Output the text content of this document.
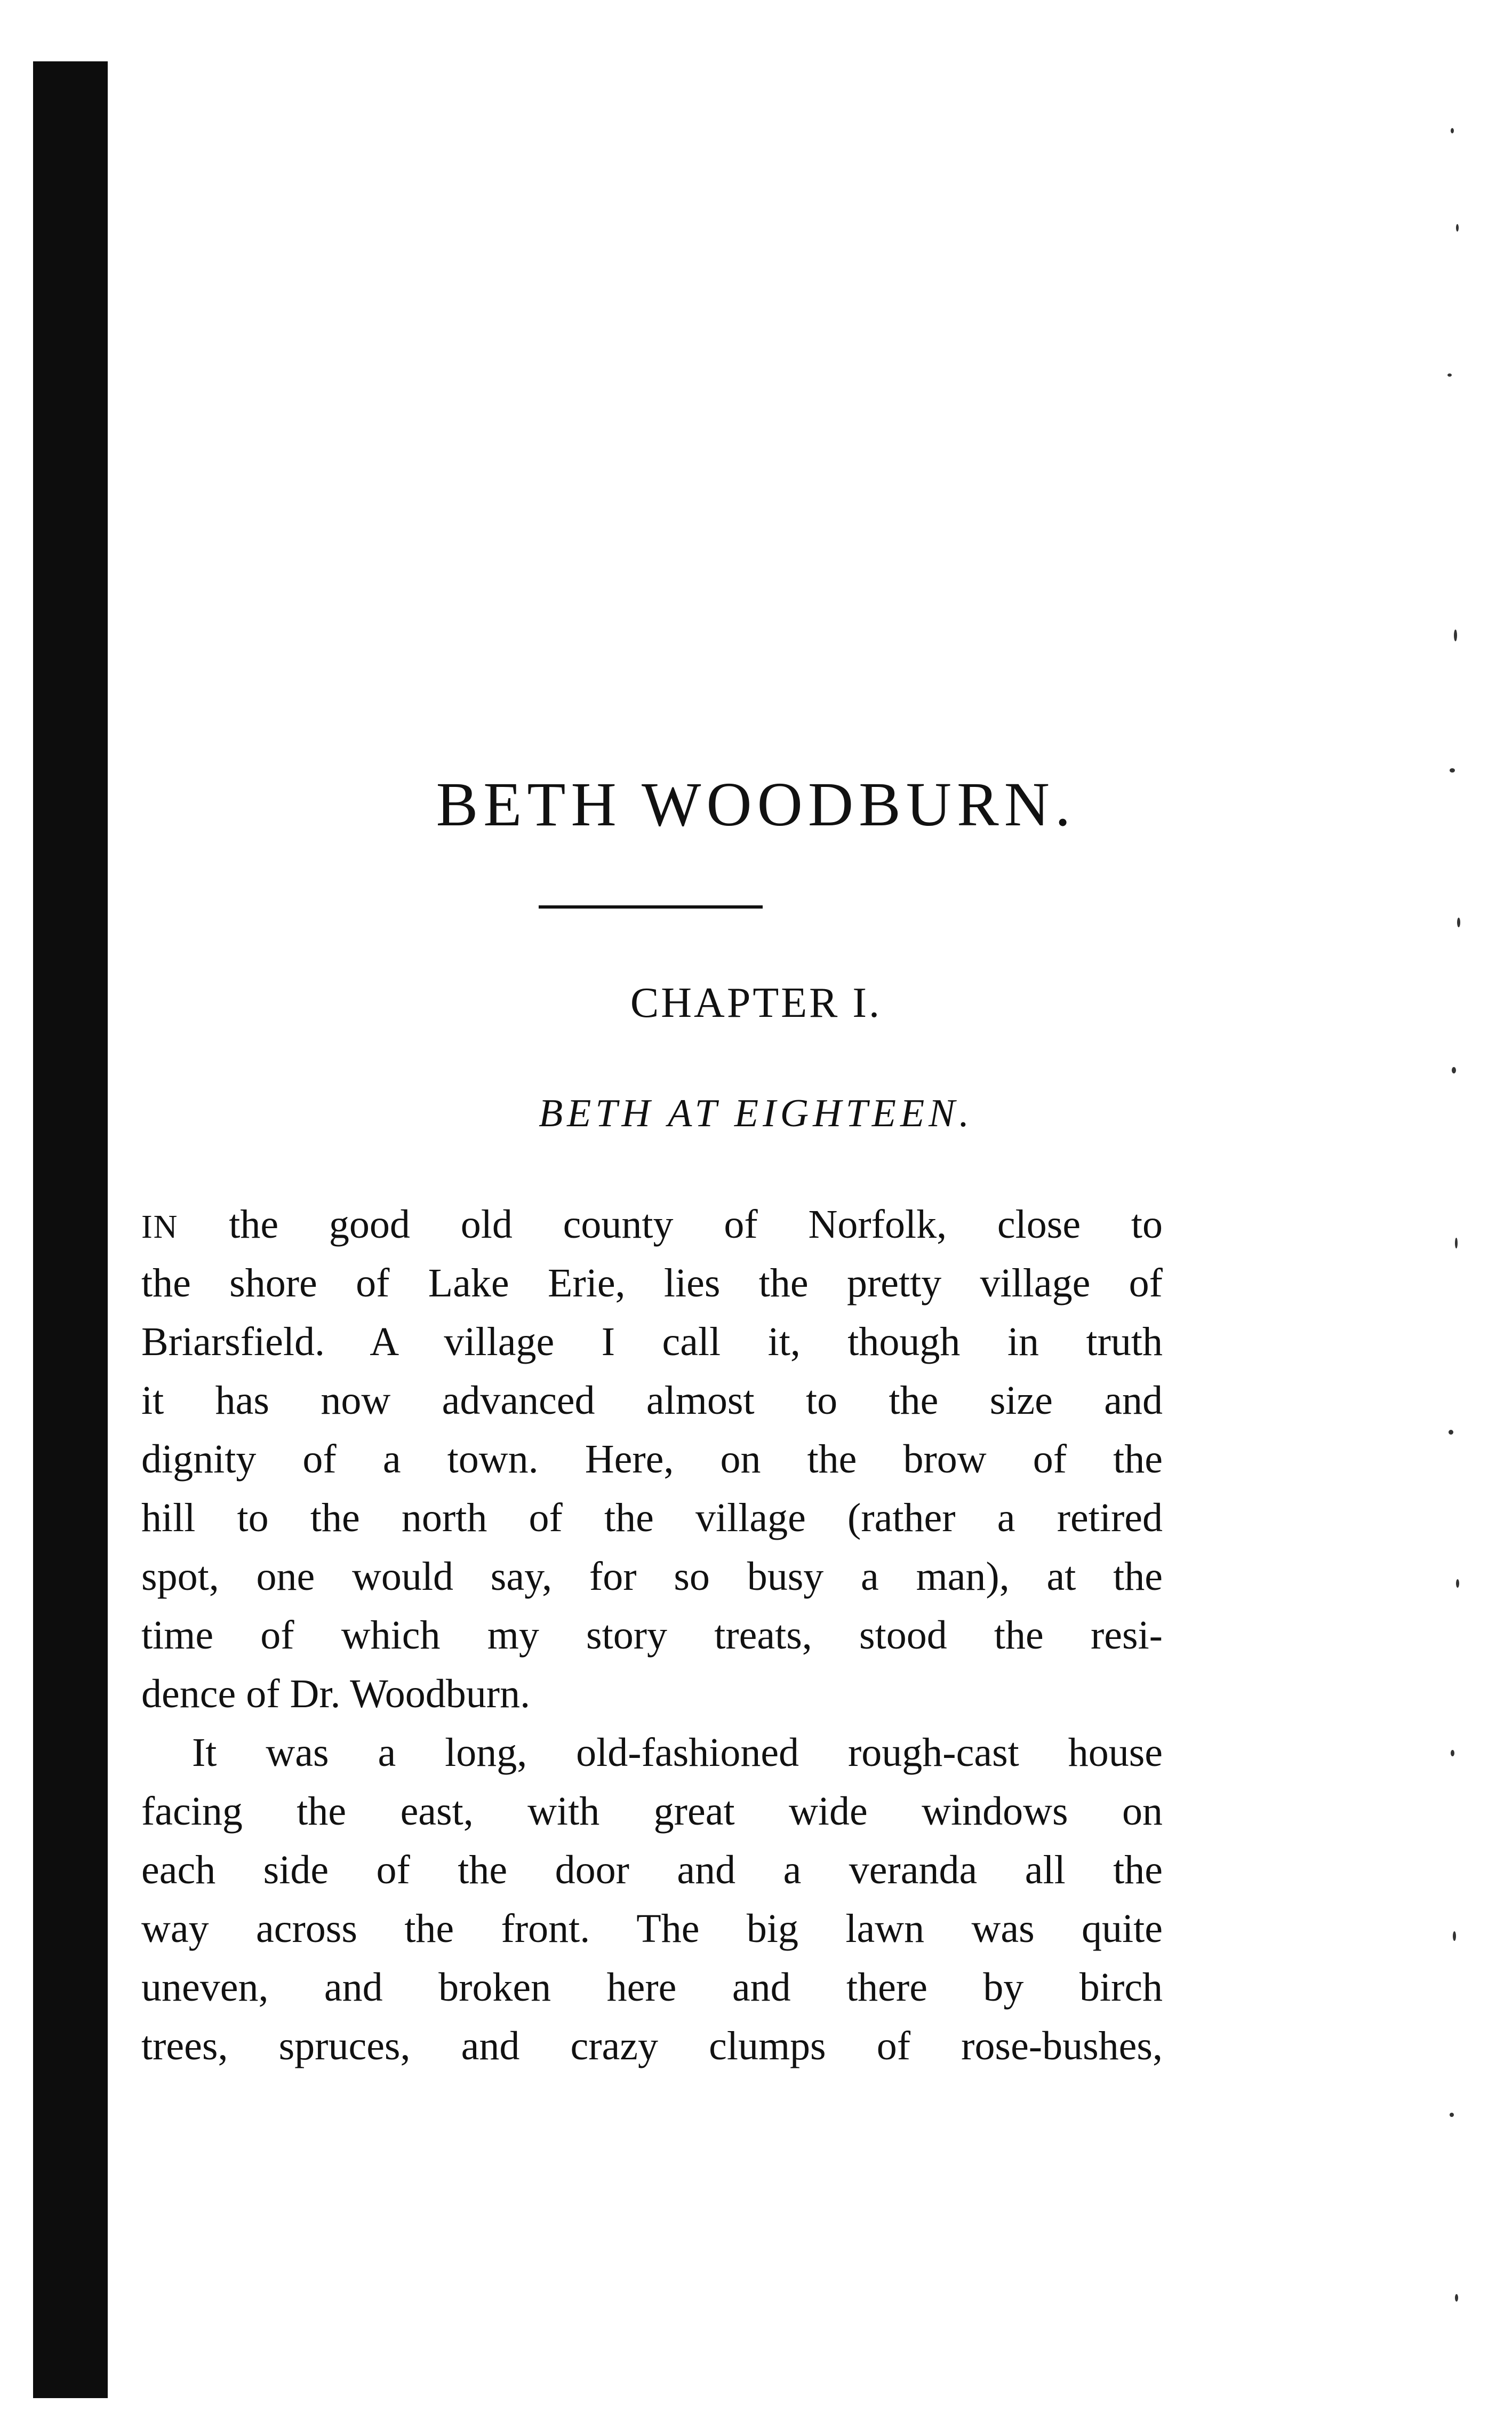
BETH WOODBURN.
CHAPTER I.
BETH AT EIGHTEEN.
IN the good old county of Norfolk, close to
the shore of Lake Erie, lies the pretty village of
Briarsfield. A village I call it, though in truth
it has now advanced almost to the size and
dignity of a town. Here, on the brow of the
hill to the north of the village (rather a retired
spot, one would say, for so busy a man), at the
time of which my story treats, stood the resi-
dence of Dr. Woodburn.
It was a long, old-fashioned rough-cast house
facing the east, with great wide windows on
each side of the door and a veranda all the
way across the front. The big lawn was quite
uneven, and broken here and there by birch
trees, spruces, and crazy clumps of rose-bushes,
